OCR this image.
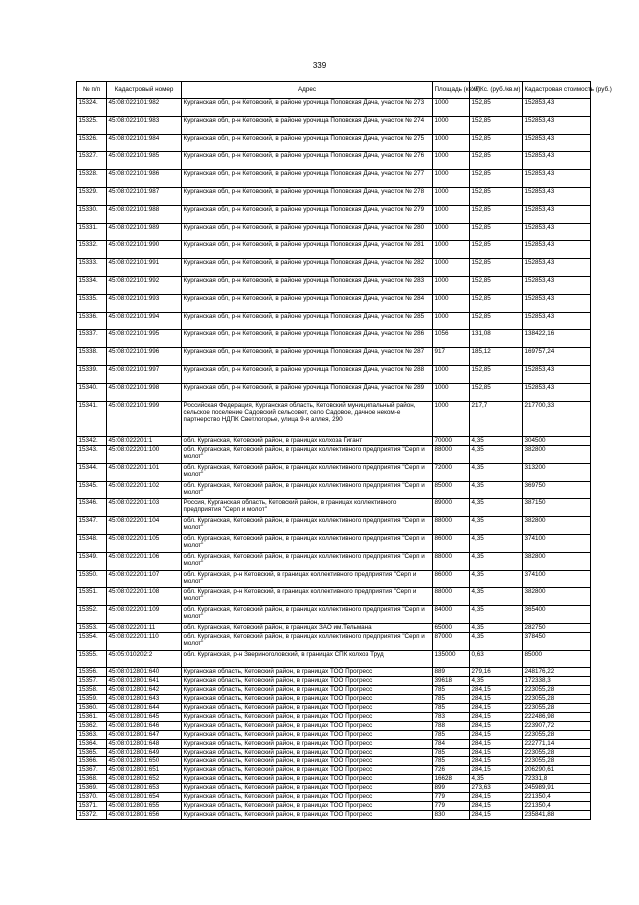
339
№ п/п	Кадастровый номер	Адрес	Площадь (кв.м)	УПКс. (руб./кв.м)	Кадастровая стоимость (руб.)
15324.	45:08:022101:982	Курганская обл, р-н Кетовский, в районе урочища Поповская Дача, участок № 273	1000	152,85	152853,43
15325.	45:08:022101:983	Курганская обл, р-н Кетовский, в районе урочища Поповская Дача, участок № 274	1000	152,85	152853,43
15326.	45:08:022101:984	Курганская обл, р-н Кетовский, в районе урочища Поповская Дача, участок № 275	1000	152,85	152853,43
15327.	45:08:022101:985	Курганская обл, р-н Кетовский, в районе урочища Поповская Дача, участок № 276	1000	152,85	152853,43
15328.	45:08:022101:986	Курганская обл, р-н Кетовский, в районе урочища Поповская Дача, участок № 277	1000	152,85	152853,43
15329.	45:08:022101:987	Курганская обл, р-н Кетовский, в районе урочища Поповская Дача, участок № 278	1000	152,85	152853,43
15330.	45:08:022101:988	Курганская обл, р-н Кетовский, в районе урочища Поповская Дача, участок № 279	1000	152,85	152853,43
15331.	45:08:022101:989	Курганская обл, р-н Кетовский, в районе урочища Поповская Дача, участок № 280	1000	152,85	152853,43
15332.	45:08:022101:990	Курганская обл, р-н Кетовский, в районе урочища Поповская Дача, участок № 281	1000	152,85	152853,43
15333.	45:08:022101:991	Курганская обл, р-н Кетовский, в районе урочища Поповская Дача, участок № 282	1000	152,85	152853,43
15334.	45:08:022101:992	Курганская обл, р-н Кетовский, в районе урочища Поповская Дача, участок № 283	1000	152,85	152853,43
15335.	45:08:022101:993	Курганская обл, р-н Кетовский, в районе урочища Поповская Дача, участок № 284	1000	152,85	152853,43
15336.	45:08:022101:994	Курганская обл, р-н Кетовский, в районе урочища Поповская Дача, участок № 285	1000	152,85	152853,43
15337.	45:08:022101:995	Курганская обл, р-н Кетовский, в районе урочища Поповская Дача, участок № 286	1056	131,08	138422,16
15338.	45:08:022101:996	Курганская обл, р-н Кетовский, в районе урочища Поповская Дача, участок № 287	917	185,12	169757,24
15339.	45:08:022101:997	Курганская обл, р-н Кетовский, в районе урочища Поповская Дача, участок № 288	1000	152,85	152853,43
15340.	45:08:022101:998	Курганская обл, р-н Кетовский, в районе урочища Поповская Дача, участок № 289	1000	152,85	152853,43
15341.	45:08:022101:999	Российская Федерация, Курганская область, Кетовский муниципальный район, сельское поселение Садовский сельсовет, село Садовое, дачное неком-е партнерство НДПК Светлогорье, улица 9-я аллея, 290	1000	217,7	217700,33
15342.	45:08:022201:1	обл. Курганская, Кетовский район, в границах колхоза Гигант	70000	4,35	304500
15343.	45:08:022201:100	обл. Курганская, Кетовский район, в границах коллективного предприятия "Серп и молот"	88000	4,35	382800
15344.	45:08:022201:101	обл. Курганская, Кетовский район, в границах коллективного предприятия "Серп и молот"	72000	4,35	313200
15345.	45:08:022201:102	обл. Курганская, Кетовский район, в границах коллективного предприятия "Серп и молот"	85000	4,35	369750
15346.	45:08:022201:103	Россия, Курганская область, Кетовский район, в границах коллективного предприятия "Серп и молот"	89000	4,35	387150
15347.	45:08:022201:104	обл. Курганская, Кетовский район, в границах коллективного предприятия "Серп и молот"	88000	4,35	382800
15348.	45:08:022201:105	обл. Курганская, Кетовский район, в границах коллективного предприятия "Серп и молот"	86000	4,35	374100
15349.	45:08:022201:106	обл. Курганская, Кетовский район, в границах коллективного предприятия "Серп и молот"	88000	4,35	382800
15350.	45:08:022201:107	обл. Курганская, р-н Кетовский, в границах коллективного предприятия "Серп и молот"	86000	4,35	374100
15351.	45:08:022201:108	обл. Курганская, р-н Кетовский, в границах коллективного предприятия "Серп и молот"	88000	4,35	382800
15352.	45:08:022201:109	обл. Курганская, Кетовский район, в границах коллективного предприятия "Серп и молот"	84000	4,35	365400
15353.	45:08:022201:11	обл. Курганская, Кетовский район, в границах ЗАО им.Тельмана	65000	4,35	282750
15354.	45:08:022201:110	обл. Курганская, Кетовский район, в границах коллективного предприятия "Серп и молот"	87000	4,35	378450
15355.	45:05:010202:2	обл. Курганская, р-н Звериноголовский, в границах СПК колхоз Труд	135000	0,63	85000
15356.	45:08:012801:640	Курганская область, Кетовский район, в границах ТОО Прогресс	889	279,16	248176,22
15357.	45:08:012801:641	Курганская область, Кетовский район, в границах ТОО Прогресс	39618	4,35	172338,3
15358.	45:08:012801:642	Курганская область, Кетовский район, в границах ТОО Прогресс	785	284,15	223055,28
15359.	45:08:012801:643	Курганская область, Кетовский район, в границах ТОО Прогресс	785	284,15	223055,28
15360.	45:08:012801:644	Курганская область, Кетовский район, в границах ТОО Прогресс	785	284,15	223055,28
15361.	45:08:012801:645	Курганская область, Кетовский район, в границах ТОО Прогресс	783	284,15	222486,98
15362.	45:08:012801:646	Курганская область, Кетовский район, в границах ТОО Прогресс	788	284,15	223907,72
15363.	45:08:012801:647	Курганская область, Кетовский район, в границах ТОО Прогресс	785	284,15	223055,28
15364.	45:08:012801:648	Курганская область, Кетовский район, в границах ТОО Прогресс	784	284,15	222771,14
15365.	45:08:012801:649	Курганская область, Кетовский район, в границах ТОО Прогресс	785	284,15	223055,28
15366.	45:08:012801:650	Курганская область, Кетовский район, в границах ТОО Прогресс	785	284,15	223055,28
15367.	45:08:012801:651	Курганская область, Кетовский район, в границах ТОО Прогресс	726	284,15	206290,61
15368.	45:08:012801:652	Курганская область, Кетовский район, в границах ТОО Прогресс	16628	4,35	72331,8
15369.	45:08:012801:653	Курганская область, Кетовский район, в границах ТОО Прогресс	899	273,63	245989,91
15370.	45:08:012801:654	Курганская область, Кетовский район, в границах ТОО Прогресс	779	284,15	221350,4
15371.	45:08:012801:655	Курганская область, Кетовский район, в границах ТОО Прогресс	779	284,15	221350,4
15372.	45:08:012801:656	Курганская область, Кетовский район, в границах ТОО Прогресс	830	284,15	235841,88
